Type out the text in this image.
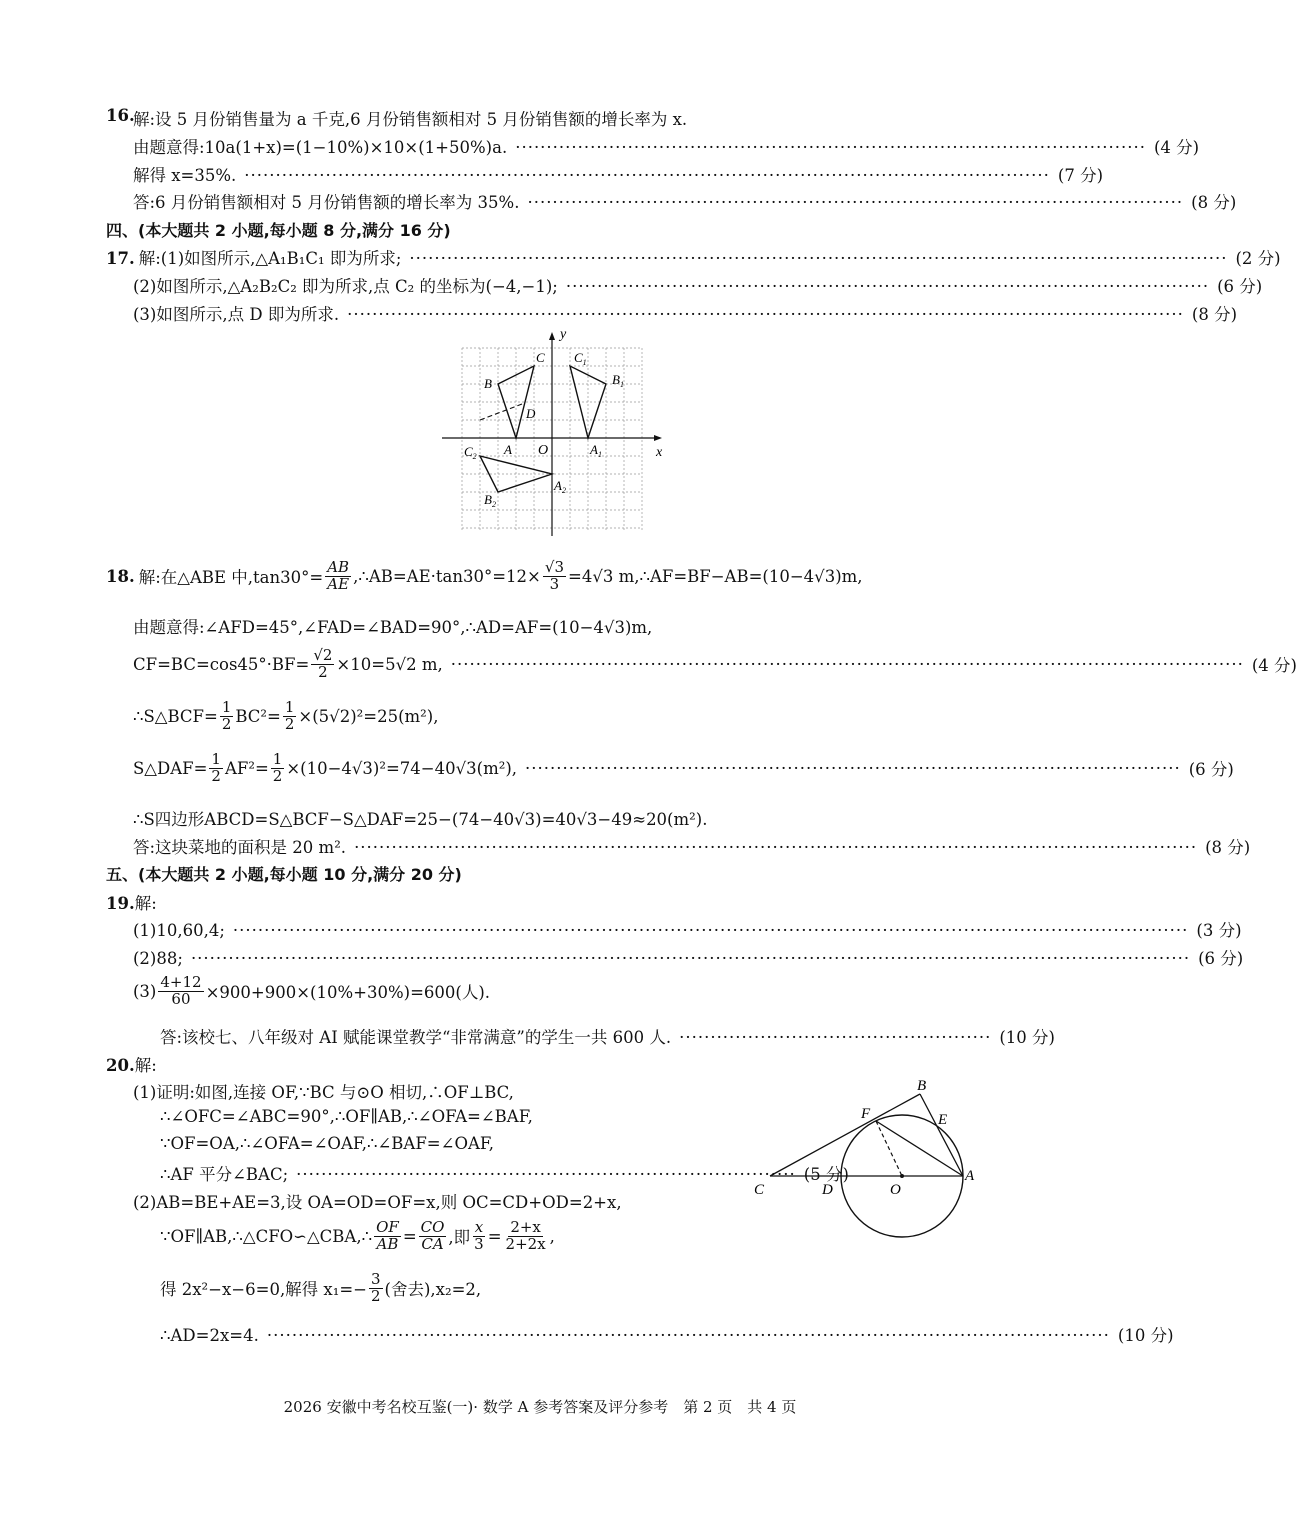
16.
解:设 5 月份销售量为 a 千克,6 月份销售额相对 5 月份销售额的增长率为 x.
由题意得:10a(1+x)=(1−10%)×10×(1+50%)a. ····································································································· (4 分)
解得 x=35%. ································································································································· (7 分)
答:6 月份销售额相对 5 月份销售额的增长率为 35%. ········································································································· (8 分)
四、(本大题共 2 小题,每小题 8 分,满分 16 分)
17. 解:(1)如图所示,△A₁B₁C₁ 即为所求; ··································································································································· (2 分)
(2)如图所示,△A₂B₂C₂ 即为所求,点 C₂ 的坐标为(−4,−1); ······································································································· (6 分)
(3)如图所示,点 D 即为所求. ······································································································································ (8 分)
y
x
O
A
B
C
D
$A_1$
$B_1$
$C_1$
$A_2$
$B_2$
$C_2$
18. 解:在△ABE 中$,\tan 30^\circ= \frac{AB}{AE}$ ,∴AB=AE·tan30°=12× $\frac{√3}{3} =4√3$ m,∴AF=BF−AB=(10−4√3)m,
由题意得:∠AFD=45°,∠FAD=∠BAD=90°,∴AD=AF=(10−4√3)m,
$CF=BC=\cos 45^\circ\cdot BF= \frac{√2}{2} \times 10=5√2$ m, ······························································································································· (4 分)
∴S△BCF= $\frac{1}{2} BC^2= \frac{1}{2} \times(5√2)^2=25(m^2)$,
S△DAF= $\frac{1}{2} AF^2= \frac{1}{2} \times(10-4√3)^2=74-40√3(m^2)$, ········································································································· (6 分)
∴S四边形ABCD=S△BCF−S△DAF=25−(74−40√3)=40√3−49≈20(m²).
答:这块菜地的面积是 20 m². ······································································································································· (8 分)
五、(本大题共 2 小题,每小题 10 分,满分 20 分)
19.解:
(1)10,60,4; ························································································································································· (3 分)
(2)88; ································································································································································ (6 分)
$(3) \frac{4+12}{60} \times 900+900\times(10\%+30\%)=600$(人).
答:该校七、八年级对 AI 赋能课堂教学“非常满意”的学生一共 600 人. ·················································· (10 分)
20.解:
(1)证明:如图,连接 OF,∵BC 与⊙O 相切,∴OF⊥BC,
∴∠OFC=∠ABC=90°,∴OF∥AB,∴∠OFA=∠BAF,
∵OF=OA,∴∠OFA=∠OAF,∴∠BAF=∠OAF,
∴AF 平分∠BAC; ················································································ (5 分)
(2)AB=BE+AE=3,设 OA=OD=OF=x,则 OC=CD+OD=2+x,
∵OF∥AB,∴△CFO∽△CBA,∴ $\frac{OF}{AB} = \frac{CO}{CA}$ ,即 $\frac{x}{3} = \frac{2+x}{2+2x}$ ,
得 2x²−x−6=0,解得 $x_1=- \frac{3}{2}$ (舍去),x₂=2,
∴AD=2x=4. ······································································································································· (10 分)
C	D	O
A
B
F	E
2026 安徽中考名校互鉴(一)· 数学 A 参考答案及评分参考　第 2 页　共 4 页
